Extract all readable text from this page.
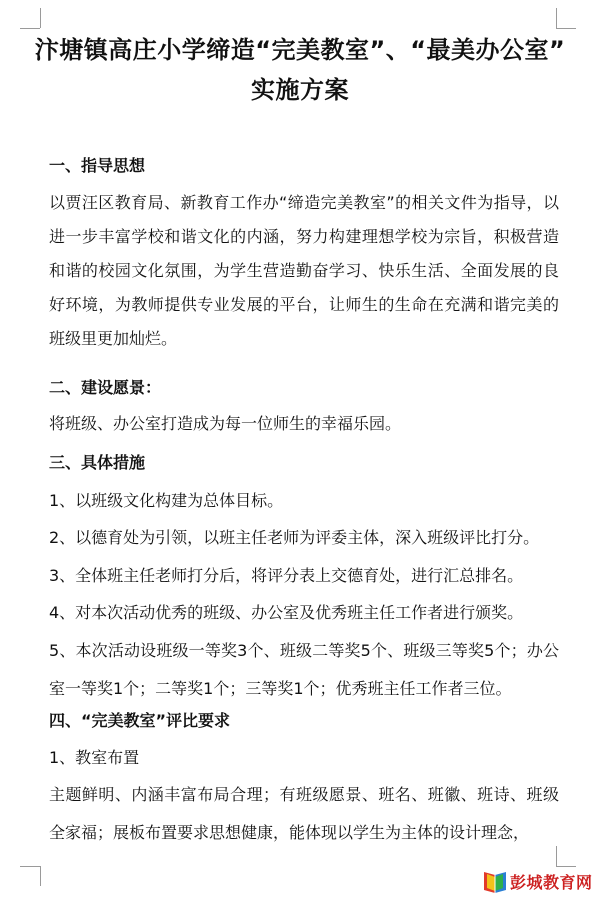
汴塘镇高庄小学缔造“完美教室”、“最美办公室”
实施方案
一、指导思想
以贾汪区教育局、新教育工作办“缔造完美教室”的相关文件为指导，以进一步丰富学校和谐文化的内涵，努力构建理想学校为宗旨，积极营造和谐的校园文化氛围，为学生营造勤奋学习、快乐生活、全面发展的良好环境，为教师提供专业发展的平台，让师生的生命在充满和谐完美的班级里更加灿烂。
二、建设愿景：
将班级、办公室打造成为每一位师生的幸福乐园。
三、具体措施
1、以班级文化构建为总体目标。
2、以德育处为引领，以班主任老师为评委主体，深入班级评比打分。
3、全体班主任老师打分后，将评分表上交德育处，进行汇总排名。
4、对本次活动优秀的班级、办公室及优秀班主任工作者进行颁奖。
5、本次活动设班级一等奖3个、班级二等奖5个、班级三等奖5个；办公室一等奖1个；二等奖1个；三等奖1个；优秀班主任工作者三位。
四、“完美教室”评比要求
1、教室布置
主题鲜明、内涵丰富布局合理；有班级愿景、班名、班徽、班诗、班级全家福；展板布置要求思想健康，能体现以学生为主体的设计理念，
彭城教育网
